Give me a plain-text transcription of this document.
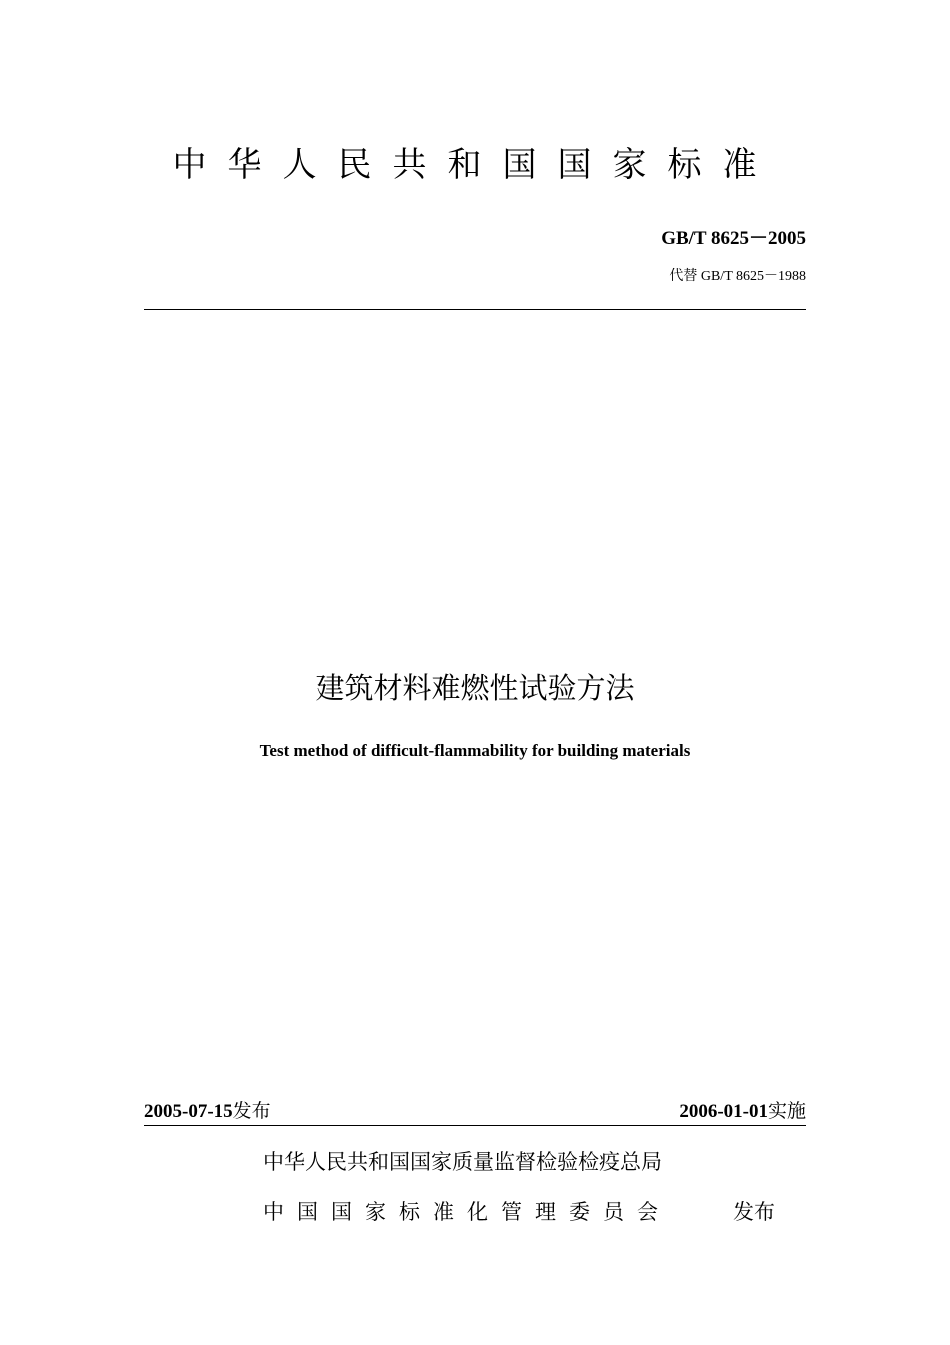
中华人民共和国国家标准
GB/T 8625－2005
代替 GB/T 8625－1988
建筑材料难燃性试验方法
Test method of difficult-flammability for building materials
2005-07-15发布	2006-01-01实施
中华人民共和国国家质量监督检验检疫总局
中国国家标准化管理委员会	发布
